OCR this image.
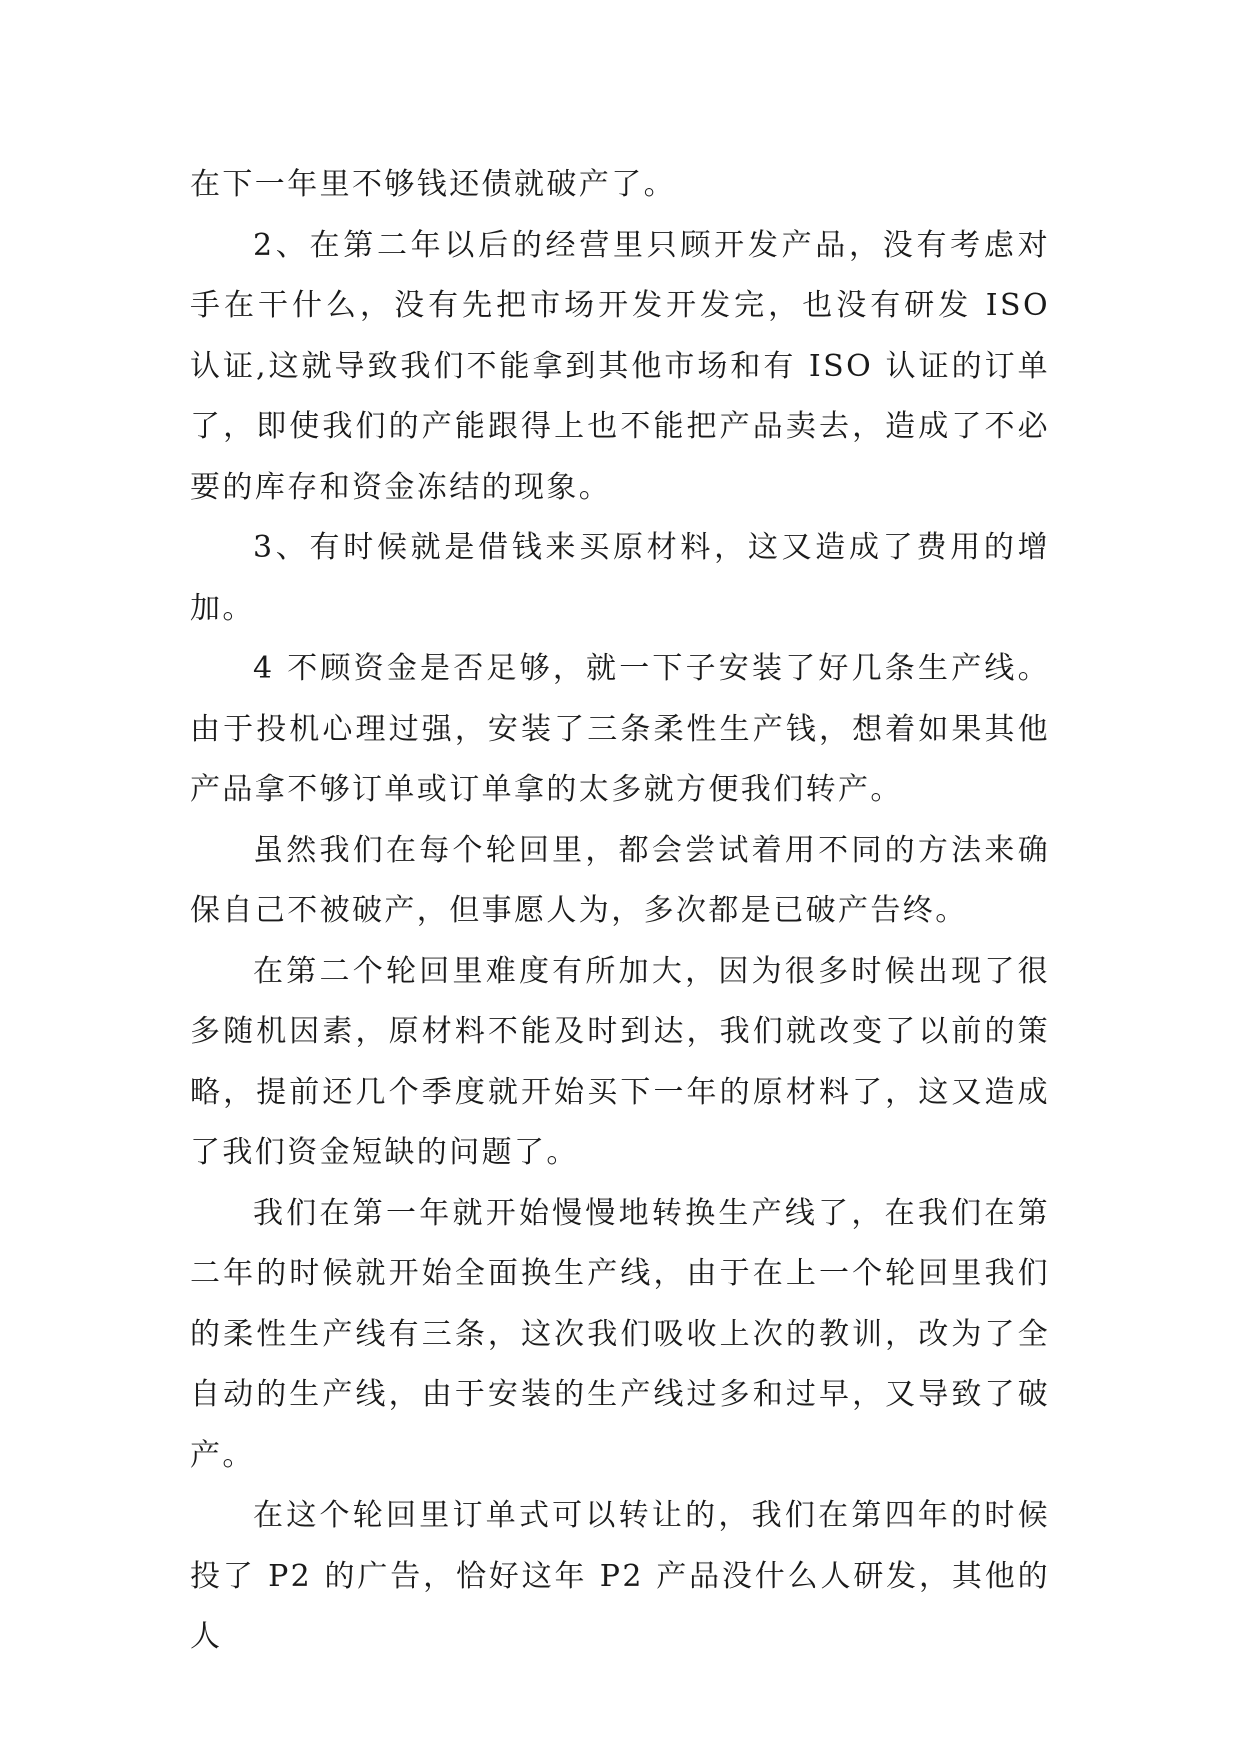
在下一年里不够钱还债就破产了。

2、在第二年以后的经营里只顾开发产品，没有考虑对手在干什么，没有先把市场开发开发完，也没有研发 ISO 认证,这就导致我们不能拿到其他市场和有 ISO 认证的订单了，即使我们的产能跟得上也不能把产品卖去，造成了不必要的库存和资金冻结的现象。

3、有时候就是借钱来买原材料，这又造成了费用的增加。

4 不顾资金是否足够，就一下子安装了好几条生产线。由于投机心理过强，安装了三条柔性生产钱，想着如果其他产品拿不够订单或订单拿的太多就方便我们转产。

虽然我们在每个轮回里，都会尝试着用不同的方法来确保自己不被破产，但事愿人为，多次都是已破产告终。

在第二个轮回里难度有所加大，因为很多时候出现了很多随机因素，原材料不能及时到达，我们就改变了以前的策略，提前还几个季度就开始买下一年的原材料了，这又造成了我们资金短缺的问题了。

我们在第一年就开始慢慢地转换生产线了，在我们在第二年的时候就开始全面换生产线，由于在上一个轮回里我们的柔性生产线有三条，这次我们吸收上次的教训，改为了全自动的生产线，由于安装的生产线过多和过早，又导致了破产。

在这个轮回里订单式可以转让的，我们在第四年的时候投了 P2 的广告，恰好这年 P2 产品没什么人研发，其他的人
